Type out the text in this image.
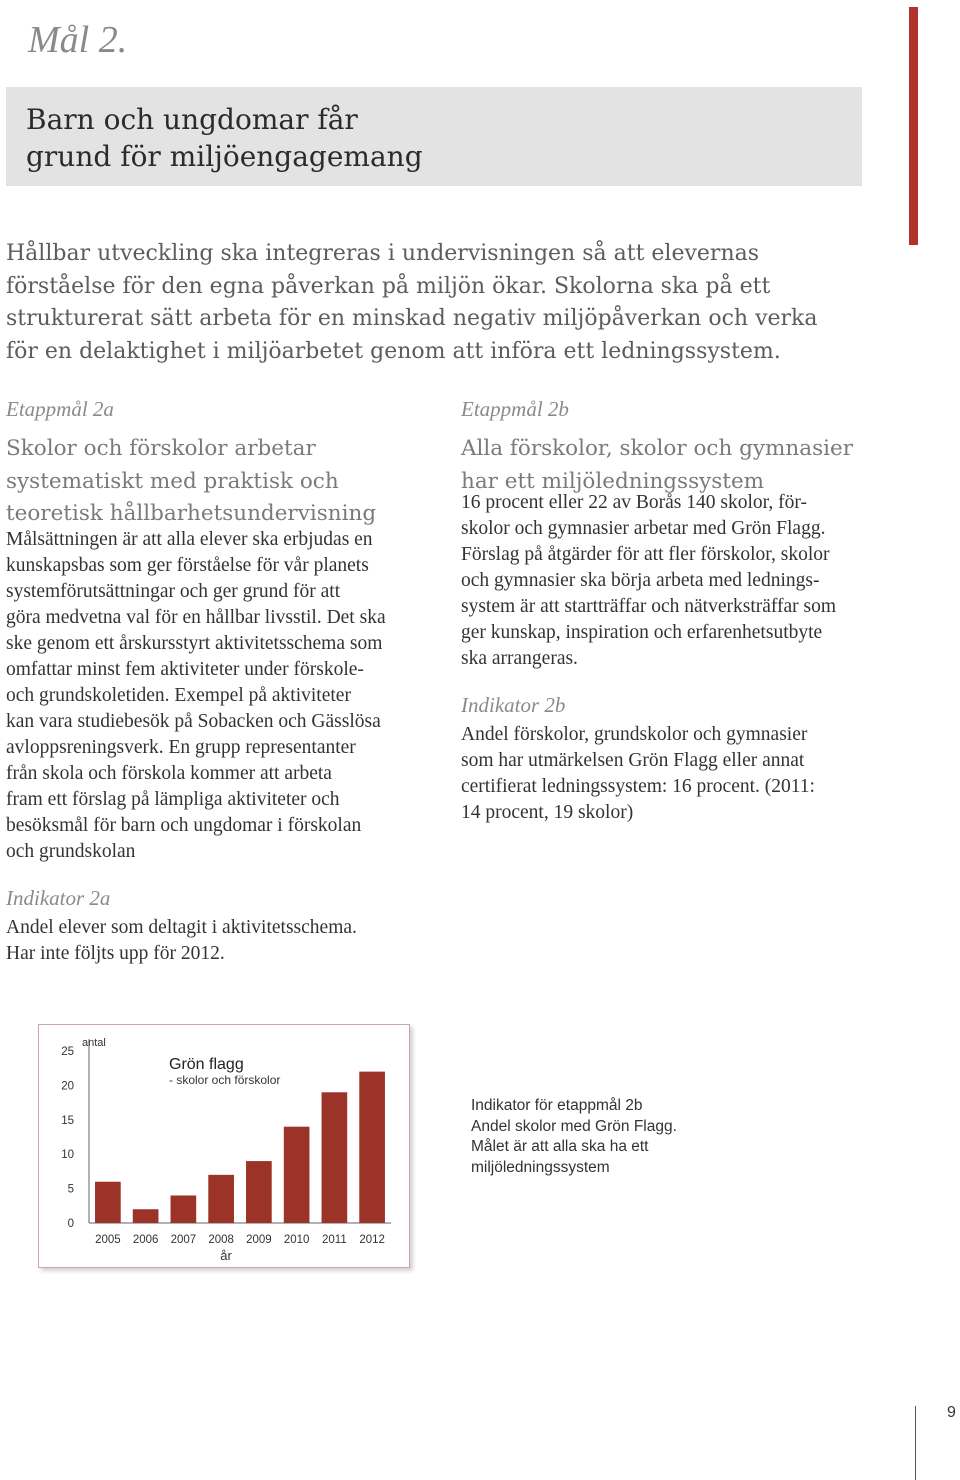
Mål 2.
Barn och ungdomar får
grund för miljöengagemang
Hållbar utveckling ska integreras i undervisningen så att elevernas
förståelse för den egna påverkan på miljön ökar. Skolorna ska på ett
strukturerat sätt arbeta för en minskad negativ miljöpåverkan och verka
för en delaktighet i miljöarbetet genom att införa ett ledningssystem.
Etappmål 2a
Skolor och förskolor arbetar
systematiskt med praktisk och
teoretisk hållbarhetsundervisning
Målsättningen är att alla elever ska erbjudas en
kunskapsbas som ger förståelse för vår planets
systemförutsättningar och ger grund för att
göra medvetna val för en hållbar livsstil. Det ska
ske genom ett årskursstyrt aktivitetsschema som
omfattar minst fem aktiviteter under förskole-
och grundskoletiden. Exempel på aktiviteter
kan vara studiebesök på Sobacken och Gässlösa
avloppsreningsverk. En grupp representanter
från skola och förskola kommer att arbeta
fram ett förslag på lämpliga aktiviteter och
besöksmål för barn och ungdomar i förskolan
och grundskolan
Indikator 2a
Andel elever som deltagit i aktivitetsschema.
Har inte följts upp för 2012.
Etappmål 2b
Alla förskolor, skolor och gymnasier
har ett miljöledningssystem
16 procent eller 22 av Borås 140 skolor, för-
skolor och gymnasier arbetar med Grön Flagg.
Förslag på åtgärder för att fler förskolor, skolor
och gymnasier ska börja arbeta med lednings-
system är att startträffar och nätverksträffar som
ger kunskap, inspiration och erfarenhetsutbyte
ska arrangeras.
Indikator 2b
Andel förskolor, grundskolor och gymnasier
som har utmärkelsen Grön Flagg eller annat
certifierat ledningssystem: 16 procent. (2011:
14 procent, 19 skolor)
0
5
10
15
20
25
2005 2006 2007 2008 2009 2010 2011 2012
antal
Grön flagg
- skolor och förskolor
år
Indikator för etappmål 2b
Andel skolor med Grön Flagg.
Målet är att alla ska ha ett
miljöledningssystem
9
